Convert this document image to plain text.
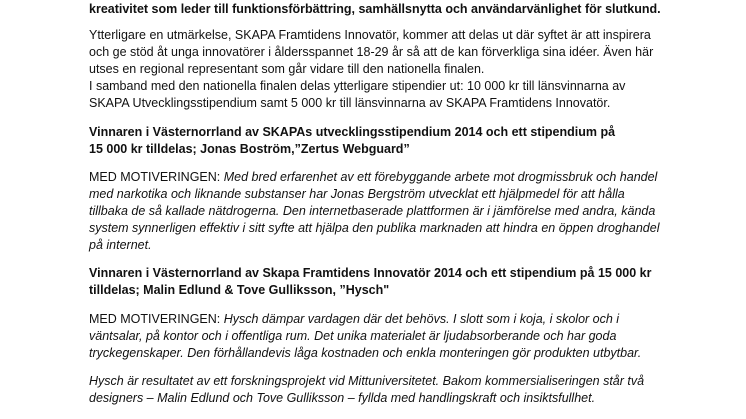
kreativitet som leder till funktionsförbättring, samhällsnytta och användarvänlighet för slutkund.
Ytterligare en utmärkelse, SKAPA Framtidens Innovatör, kommer att delas ut där syftet är att inspirera
och ge stöd åt unga innovatörer i åldersspannet 18-29 år så att de kan förverkliga sina idéer. Även här
utses en regional representant som går vidare till den nationella finalen.
I samband med den nationella finalen delas ytterligare stipendier ut: 10 000 kr till länsvinnarna av
SKAPA Utvecklingsstipendium samt 5 000 kr till länsvinnarna av SKAPA Framtidens Innovatör.
Vinnaren i Västernorrland av SKAPAs utvecklingsstipendium 2014 och ett stipendium på
15 000 kr tilldelas; Jonas Boström,”Zertus Webguard”
MED MOTIVERINGEN: Med bred erfarenhet av ett förebyggande arbete mot drogmissbruk och handel
med narkotika och liknande substanser har Jonas Bergström utvecklat ett hjälpmedel för att hålla
tillbaka de så kallade nätdrogerna. Den internetbaserade plattformen är i jämförelse med andra, kända
system synnerligen effektiv i sitt syfte att hjälpa den publika marknaden att hindra en öppen droghandel
på internet.
Vinnaren i Västernorrland av Skapa Framtidens Innovatör 2014 och ett stipendium på 15 000 kr
tilldelas; Malin Edlund & Tove Gulliksson, ”Hysch"
MED MOTIVERINGEN: Hysch dämpar vardagen där det behövs. I slott som i koja, i skolor och i
väntsalar, på kontor och i offentliga rum. Det unika materialet är ljudabsorberande och har goda
tryckegenskaper. Den förhållandevis låga kostnaden och enkla monteringen gör produkten utbytbar.
Hysch är resultatet av ett forskningsprojekt vid Mittuniversitetet. Bakom kommersialiseringen står två
designers – Malin Edlund och Tove Gulliksson – fyllda med handlingskraft och insiktsfullhet.
